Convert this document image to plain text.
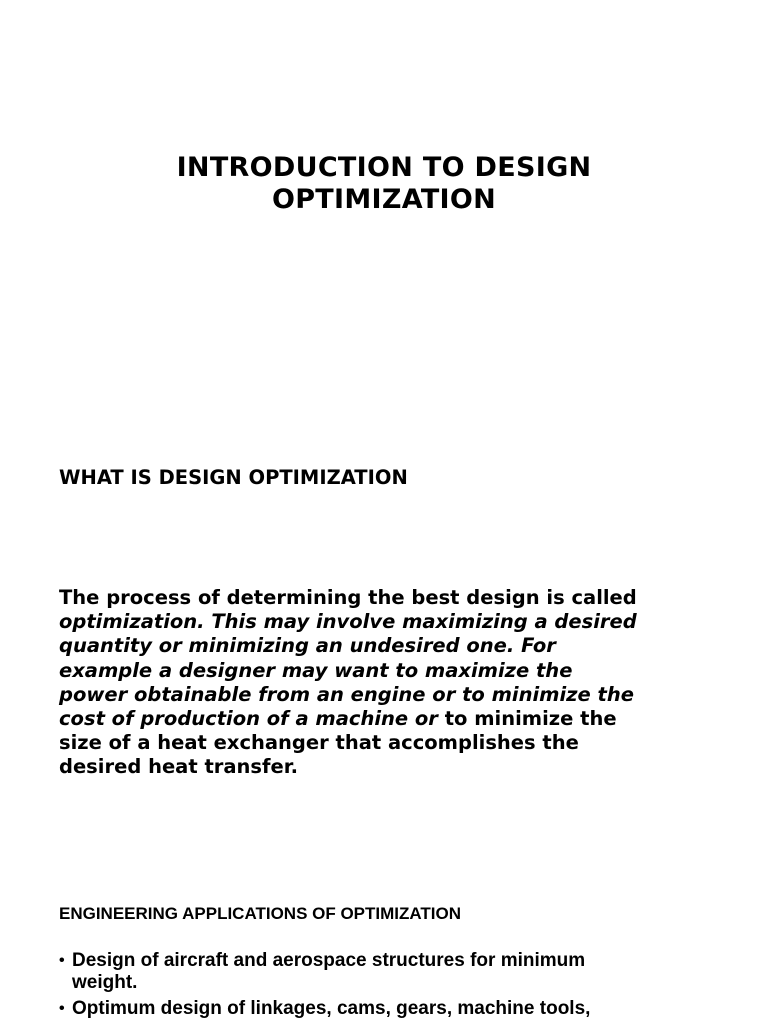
INTRODUCTION TO DESIGN
OPTIMIZATION
WHAT IS DESIGN OPTIMIZATION
The process of determining the best design is called
optimization. This may involve maximizing a desired
quantity or minimizing an undesired one. For
example a designer may want to maximize the
power obtainable from an engine or to minimize the
cost of production of a machine or to minimize the
size of a heat exchanger that accomplishes the
desired heat transfer.
ENGINEERING APPLICATIONS OF OPTIMIZATION
• Design of aircraft and aerospace structures for minimum
weight.
• Optimum design of linkages, cams, gears, machine tools,
